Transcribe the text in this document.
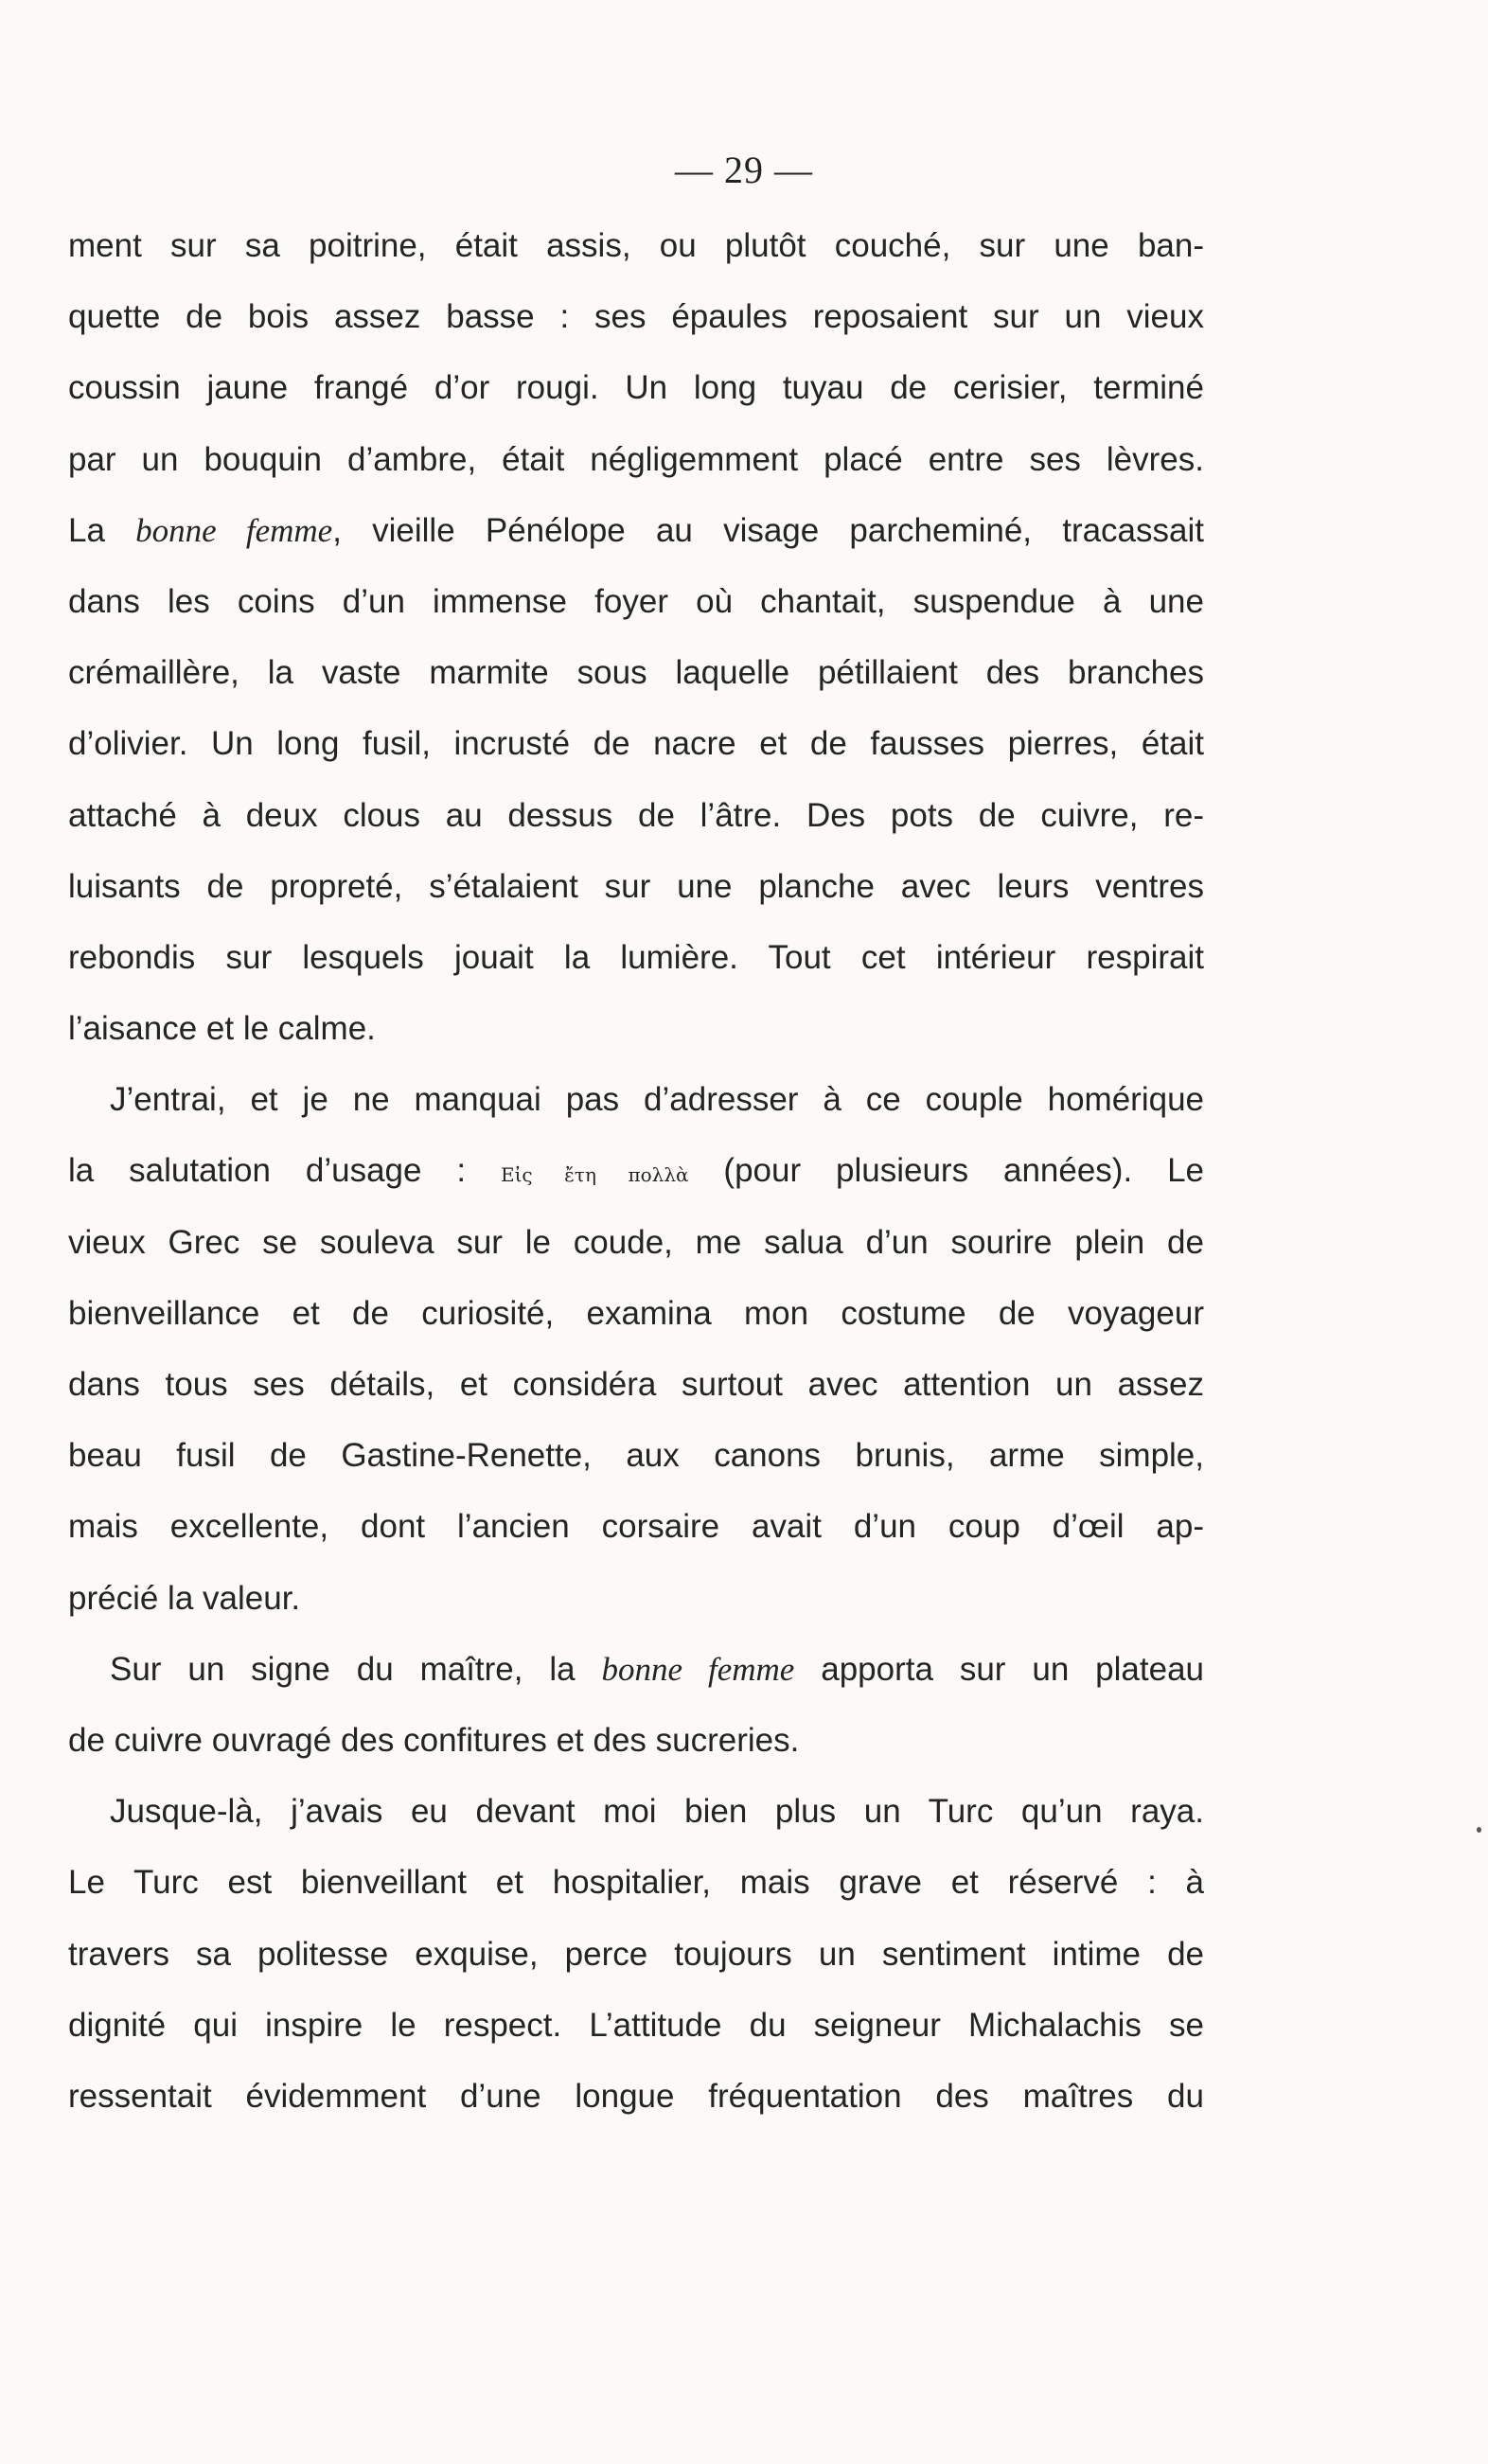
— 29 —
ment sur sa poitrine, était assis, ou plutôt couché, sur une ban-
quette de bois assez basse : ses épaules reposaient sur un vieux
coussin jaune frangé d’or rougi. Un long tuyau de cerisier, terminé
par un bouquin d’ambre, était négligemment placé entre ses lèvres.
La bonne femme, vieille Pénélope au visage parcheminé, tracassait
dans les coins d’un immense foyer où chantait, suspendue à une
crémaillère, la vaste marmite sous laquelle pétillaient des branches
d’olivier. Un long fusil, incrusté de nacre et de fausses pierres, était
attaché à deux clous au dessus de l’âtre. Des pots de cuivre, re-
luisants de propreté, s’étalaient sur une planche avec leurs ventres
rebondis sur lesquels jouait la lumière. Tout cet intérieur respirait
l’aisance et le calme.
J’entrai, et je ne manquai pas d’adresser à ce couple homérique
la salutation d’usage : Εἰς ἔτη πολλὰ (pour plusieurs années). Le
vieux Grec se souleva sur le coude, me salua d’un sourire plein de
bienveillance et de curiosité, examina mon costume de voyageur
dans tous ses détails, et considéra surtout avec attention un assez
beau fusil de Gastine-Renette, aux canons brunis, arme simple,
mais excellente, dont l’ancien corsaire avait d’un coup d’œil ap-
précié la valeur.
Sur un signe du maître, la bonne femme apporta sur un plateau
de cuivre ouvragé des confitures et des sucreries.
Jusque-là, j’avais eu devant moi bien plus un Turc qu’un raya.
Le Turc est bienveillant et hospitalier, mais grave et réservé : à
travers sa politesse exquise, perce toujours un sentiment intime de
dignité qui inspire le respect. L’attitude du seigneur Michalachis se
ressentait évidemment d’une longue fréquentation des maîtres du
